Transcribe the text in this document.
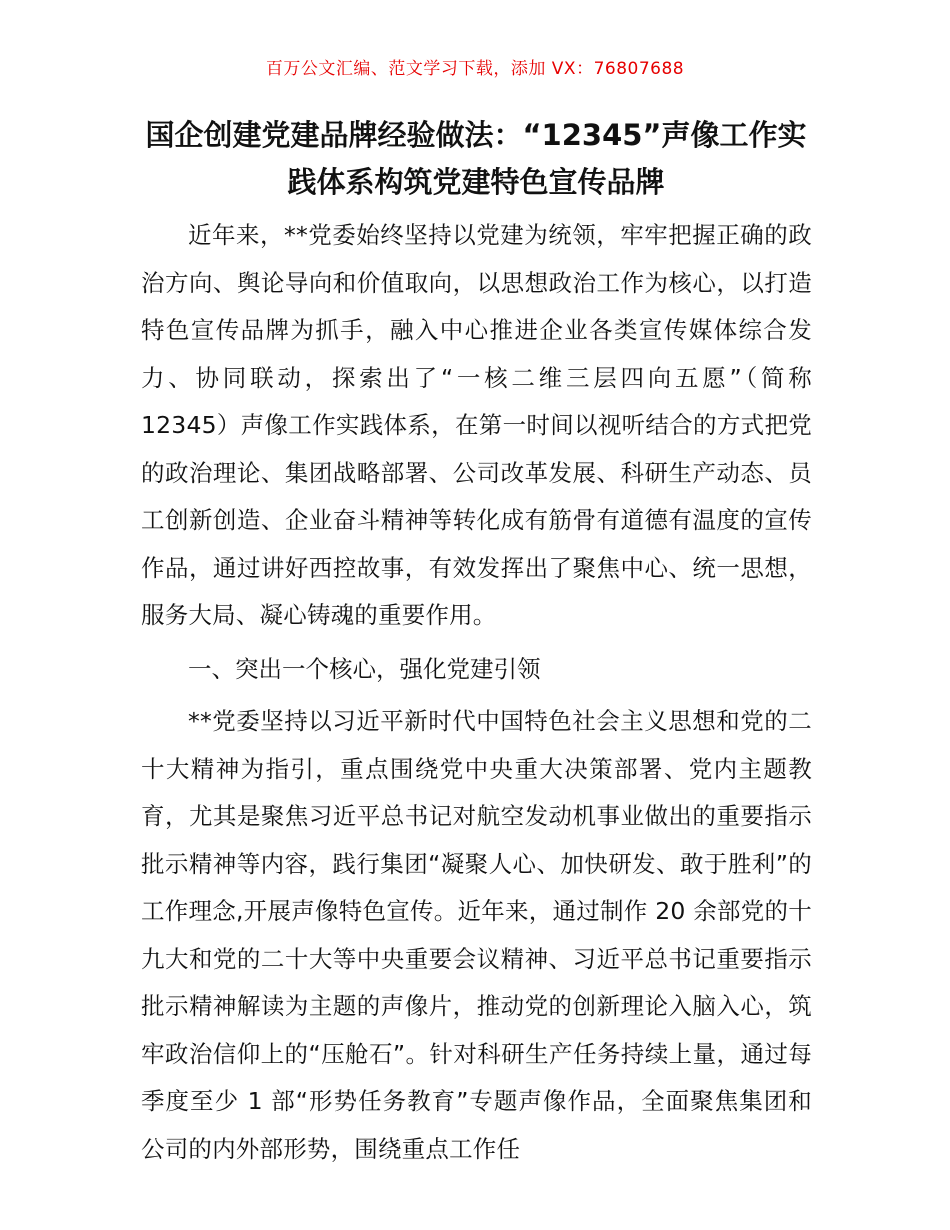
百万公文汇编、范文学习下载，添加 VX：76807688
国企创建党建品牌经验做法：“12345”声像工作实践体系构筑党建特色宣传品牌

近年来，**党委始终坚持以党建为统领，牢牢把握正确的政治方向、舆论导向和价值取向，以思想政治工作为核心，以打造特色宣传品牌为抓手，融入中心推进企业各类宣传媒体综合发力、协同联动，探索出了“一核二维三层四向五愿”（简称 12345）声像工作实践体系，在第一时间以视听结合的方式把党的政治理论、集团战略部署、公司改革发展、科研生产动态、员工创新创造、企业奋斗精神等转化成有筋骨有道德有温度的宣传作品，通过讲好西控故事，有效发挥出了聚焦中心、统一思想，服务大局、凝心铸魂的重要作用。

一、突出一个核心，强化党建引领

**党委坚持以习近平新时代中国特色社会主义思想和党的二十大精神为指引，重点围绕党中央重大决策部署、党内主题教育，尤其是聚焦习近平总书记对航空发动机事业做出的重要指示批示精神等内容，践行集团“凝聚人心、加快研发、敢于胜利”的工作理念,开展声像特色宣传。近年来，通过制作 20 余部党的十九大和党的二十大等中央重要会议精神、习近平总书记重要指示批示精神解读为主题的声像片，推动党的创新理论入脑入心，筑牢政治信仰上的“压舱石”。针对科研生产任务持续上量，通过每季度至少 1 部“形势任务教育”专题声像作品，全面聚焦集团和公司的内外部形势，围绕重点工作任
